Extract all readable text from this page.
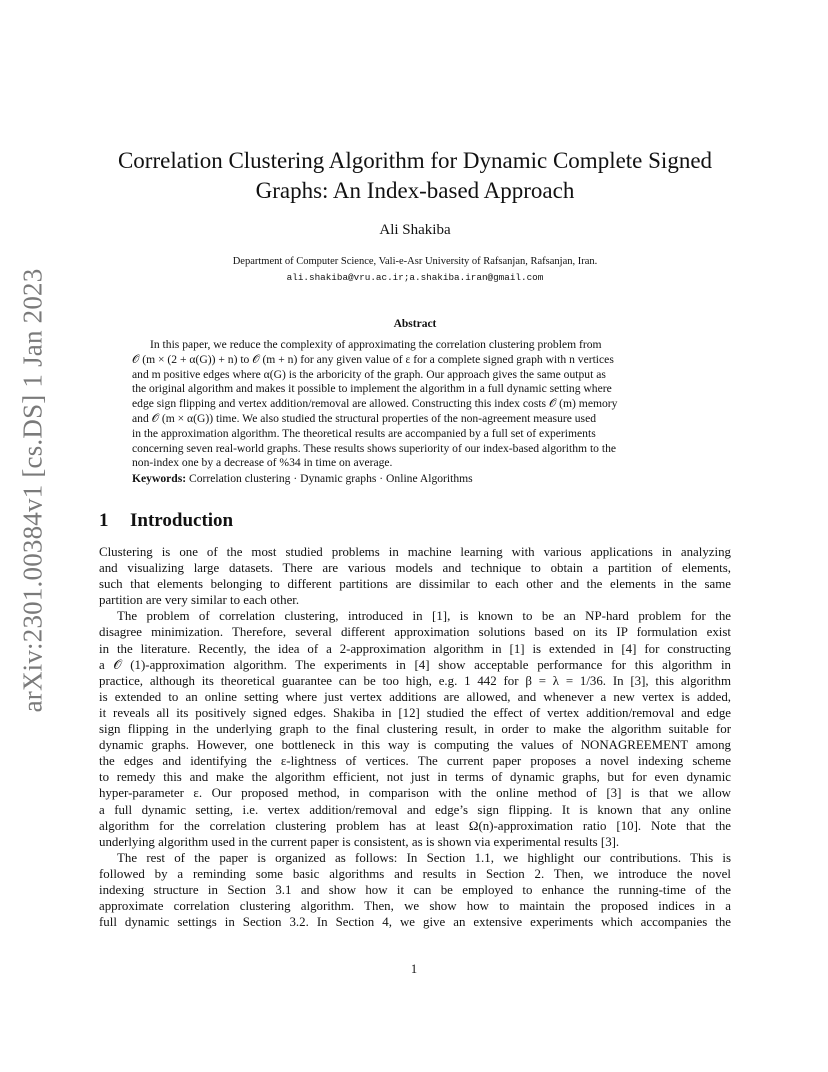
arXiv:2301.00384v1 [cs.DS] 1 Jan 2023
Correlation Clustering Algorithm for Dynamic Complete Signed
Graphs: An Index-based Approach

Ali Shakiba

Department of Computer Science, Vali-e-Asr University of Rafsanjan, Rafsanjan, Iran.

ali.shakiba@vru.ac.ir;a.shakiba.iran@gmail.com

Abstract

In this paper, we reduce the complexity of approximating the correlation clustering problem from
𝒪 (m × (2 + α(G)) + n) to 𝒪 (m + n) for any given value of ε for a complete signed graph with n vertices
and m positive edges where α(G) is the arboricity of the graph. Our approach gives the same output as
the original algorithm and makes it possible to implement the algorithm in a full dynamic setting where
edge sign flipping and vertex addition/removal are allowed. Constructing this index costs 𝒪 (m) memory
and 𝒪 (m × α(G)) time. We also studied the structural properties of the non-agreement measure used
in the approximation algorithm. The theoretical results are accompanied by a full set of experiments
concerning seven real-world graphs. These results shows superiority of our index-based algorithm to the
non-index one by a decrease of %34 in time on average.

Keywords: Correlation clustering · Dynamic graphs · Online Algorithms

1 Introduction
Clustering is one of the most studied problems in machine learning with various applications in analyzing
and visualizing large datasets. There are various models and technique to obtain a partition of elements,
such that elements belonging to different partitions are dissimilar to each other and the elements in the same
partition are very similar to each other.
The problem of correlation clustering, introduced in [1], is known to be an NP-hard problem for the
disagree minimization. Therefore, several different approximation solutions based on its IP formulation exist
in the literature. Recently, the idea of a 2-approximation algorithm in [1] is extended in [4] for constructing
a 𝒪 (1)-approximation algorithm. The experiments in [4] show acceptable performance for this algorithm in
practice, although its theoretical guarantee can be too high, e.g. 1 442 for β = λ = 1/36. In [3], this algorithm
is extended to an online setting where just vertex additions are allowed, and whenever a new vertex is added,
it reveals all its positively signed edges. Shakiba in [12] studied the effect of vertex addition/removal and edge
sign flipping in the underlying graph to the final clustering result, in order to make the algorithm suitable for
dynamic graphs. However, one bottleneck in this way is computing the values of NONAGREEMENT among
the edges and identifying the ε-lightness of vertices. The current paper proposes a novel indexing scheme
to remedy this and make the algorithm efficient, not just in terms of dynamic graphs, but for even dynamic
hyper-parameter ε. Our proposed method, in comparison with the online method of [3] is that we allow
a full dynamic setting, i.e. vertex addition/removal and edge’s sign flipping. It is known that any online
algorithm for the correlation clustering problem has at least Ω(n)-approximation ratio [10]. Note that the
underlying algorithm used in the current paper is consistent, as is shown via experimental results [3].
The rest of the paper is organized as follows: In Section 1.1, we highlight our contributions. This is
followed by a reminding some basic algorithms and results in Section 2. Then, we introduce the novel
indexing structure in Section 3.1 and show how it can be employed to enhance the running-time of the
approximate correlation clustering algorithm. Then, we show how to maintain the proposed indices in a
full dynamic settings in Section 3.2. In Section 4, we give an extensive experiments which accompanies the

1
